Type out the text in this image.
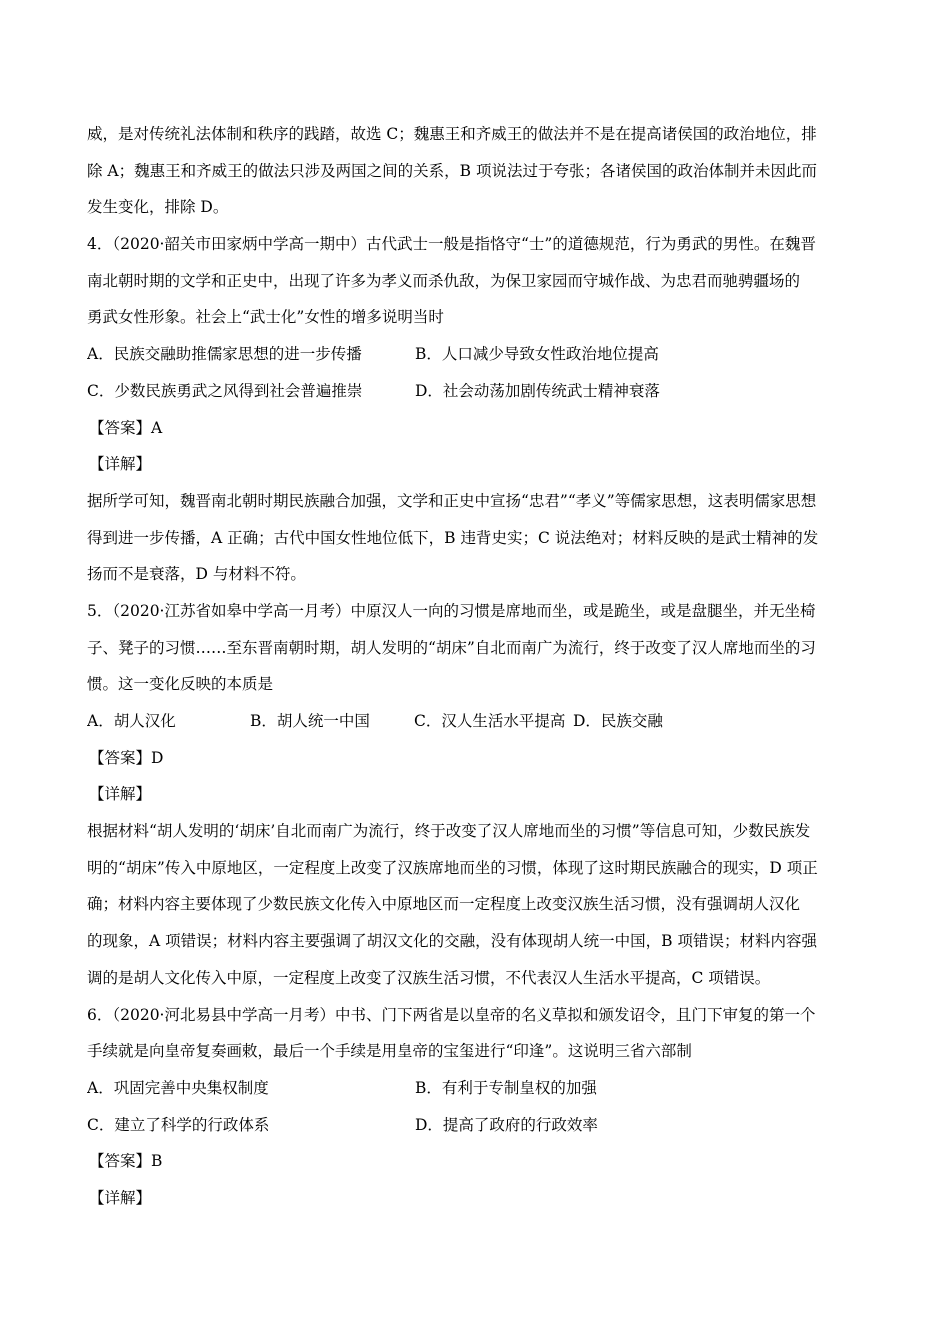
威，是对传统礼法体制和秩序的践踏，故选 C；魏惠王和齐威王的做法并不是在提高诸侯国的政治地位，排
除 A；魏惠王和齐威王的做法只涉及两国之间的关系，B 项说法过于夸张；各诸侯国的政治体制并未因此而
发生变化，排除 D。
4．（2020·韶关市田家炳中学高一期中）古代武士一般是指恪守“士”的道德规范，行为勇武的男性。在魏晋
南北朝时期的文学和正史中，出现了许多为孝义而杀仇敌，为保卫家园而守城作战、为忠君而驰骋疆场的
勇武女性形象。社会上“武士化”女性的增多说明当时
A．民族交融助推儒家思想的进一步传播	B．人口减少导致女性政治地位提高
C．少数民族勇武之风得到社会普遍推崇	D．社会动荡加剧传统武士精神衰落
【答案】A
【详解】
据所学可知，魏晋南北朝时期民族融合加强，文学和正史中宣扬“忠君”“孝义”等儒家思想，这表明儒家思想
得到进一步传播，A 正确；古代中国女性地位低下，B 违背史实；C 说法绝对；材料反映的是武士精神的发
扬而不是衰落，D 与材料不符。
5．（2020·江苏省如皋中学高一月考）中原汉人一向的习惯是席地而坐，或是跪坐，或是盘腿坐，并无坐椅
子、凳子的习惯……至东晋南朝时期，胡人发明的“胡床”自北而南广为流行，终于改变了汉人席地而坐的习
惯。这一变化反映的本质是
A．胡人汉化	B．胡人统一中国	C．汉人生活水平提高 D．民族交融
【答案】D
【详解】
根据材料“胡人发明的‘胡床’自北而南广为流行，终于改变了汉人席地而坐的习惯”等信息可知，少数民族发
明的“胡床”传入中原地区，一定程度上改变了汉族席地而坐的习惯，体现了这时期民族融合的现实，D 项正
确；材料内容主要体现了少数民族文化传入中原地区而一定程度上改变汉族生活习惯，没有强调胡人汉化
的现象，A 项错误；材料内容主要强调了胡汉文化的交融，没有体现胡人统一中国，B 项错误；材料内容强
调的是胡人文化传入中原，一定程度上改变了汉族生活习惯，不代表汉人生活水平提高，C 项错误。
6．（2020·河北易县中学高一月考）中书、门下两省是以皇帝的名义草拟和颁发诏令，且门下审复的第一个
手续就是向皇帝复奏画敕，最后一个手续是用皇帝的宝玺进行“印逢”。这说明三省六部制
A．巩固完善中央集权制度	B．有利于专制皇权的加强
C．建立了科学的行政体系	D．提高了政府的行政效率
【答案】B
【详解】
